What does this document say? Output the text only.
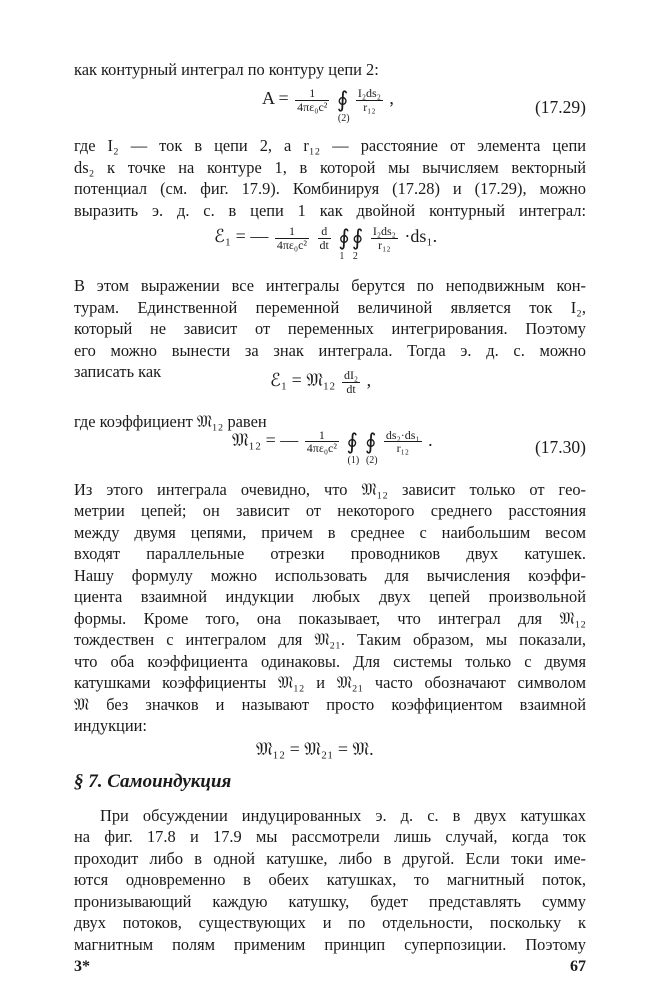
как контурный интеграл по контуру цепи 2:
$A = \frac{1}{\text{4πε₀c²}}$ ∮
(2)

$\frac{\text{I₂ds₂}}{\text{r₁₂}}$ ,	(17.29)
где I₂ — ток в цепи 2, а r₁₂ — расстояние от элемента цепи
ds₂ к точке на контуре 1, в которой мы вычисляем векторный
потенциал (см. фиг. 17.9). Комбинируя (17.28) и (17.29), можно
выразить э. д. с. в цепи 1 как двойной контурный интеграл:
ℰ₁ = — $\frac{1}{\text{4πε₀c²}}$
$\frac{d}{dt}$ ∮
1
∮
2

$\frac{\text{I₂ds₂}}{\text{r₁₂}} \cdot ds_1$.
В этом выражении все интегралы берутся по неподвижным кон-
турам. Единственной переменной величиной является ток I₂,
который не зависит от переменных интегрирования. Поэтому
его можно вынести за знак интеграла. Тогда э. д. с. можно
записать как	ℰ₁ = 𝔐₁₂ $\frac{\text{dI₂}}{dt}$ ,
где коэффициент 𝔐₁₂ равен
𝔐₁₂ = — $\frac{1}{\text{4πε₀c²}}$ ∮
(1)
∮
(2)

$\frac{\text{ds₂·ds₁}}{\text{r₁₂}}$ .	(17.30)
Из этого интеграла очевидно, что 𝔐₁₂ зависит только от гео-
метрии цепей; он зависит от некоторого среднего расстояния
между двумя цепями, причем в среднее с наибольшим весом
входят параллельные отрезки проводников двух катушек.
Нашу формулу можно использовать для вычисления коэффи-
циента взаимной индукции любых двух цепей произвольной
формы. Кроме того, она показывает, что интеграл для 𝔐₁₂
тождествен с интегралом для 𝔐₂₁. Таким образом, мы показали,
что оба коэффициента одинаковы. Для системы только с двумя
катушками коэффициенты 𝔐₁₂ и 𝔐₂₁ часто обозначают символом
𝔐 без значков и называют просто коэффициентом взаимной
индукции:
𝔐₁₂ = 𝔐₂₁ = 𝔐.
§ 7. Самоиндукция
При обсуждении индуцированных э. д. с. в двух катушках
на фиг. 17.8 и 17.9 мы рассмотрели лишь случай, когда ток
проходит либо в одной катушке, либо в другой. Если токи име-
ются одновременно в обеих катушках, то магнитный поток,
пронизывающий каждую катушку, будет представлять сумму
двух потоков, существующих и по отдельности, поскольку к
магнитным полям применим принцип суперпозиции. Поэтому
3*	67
